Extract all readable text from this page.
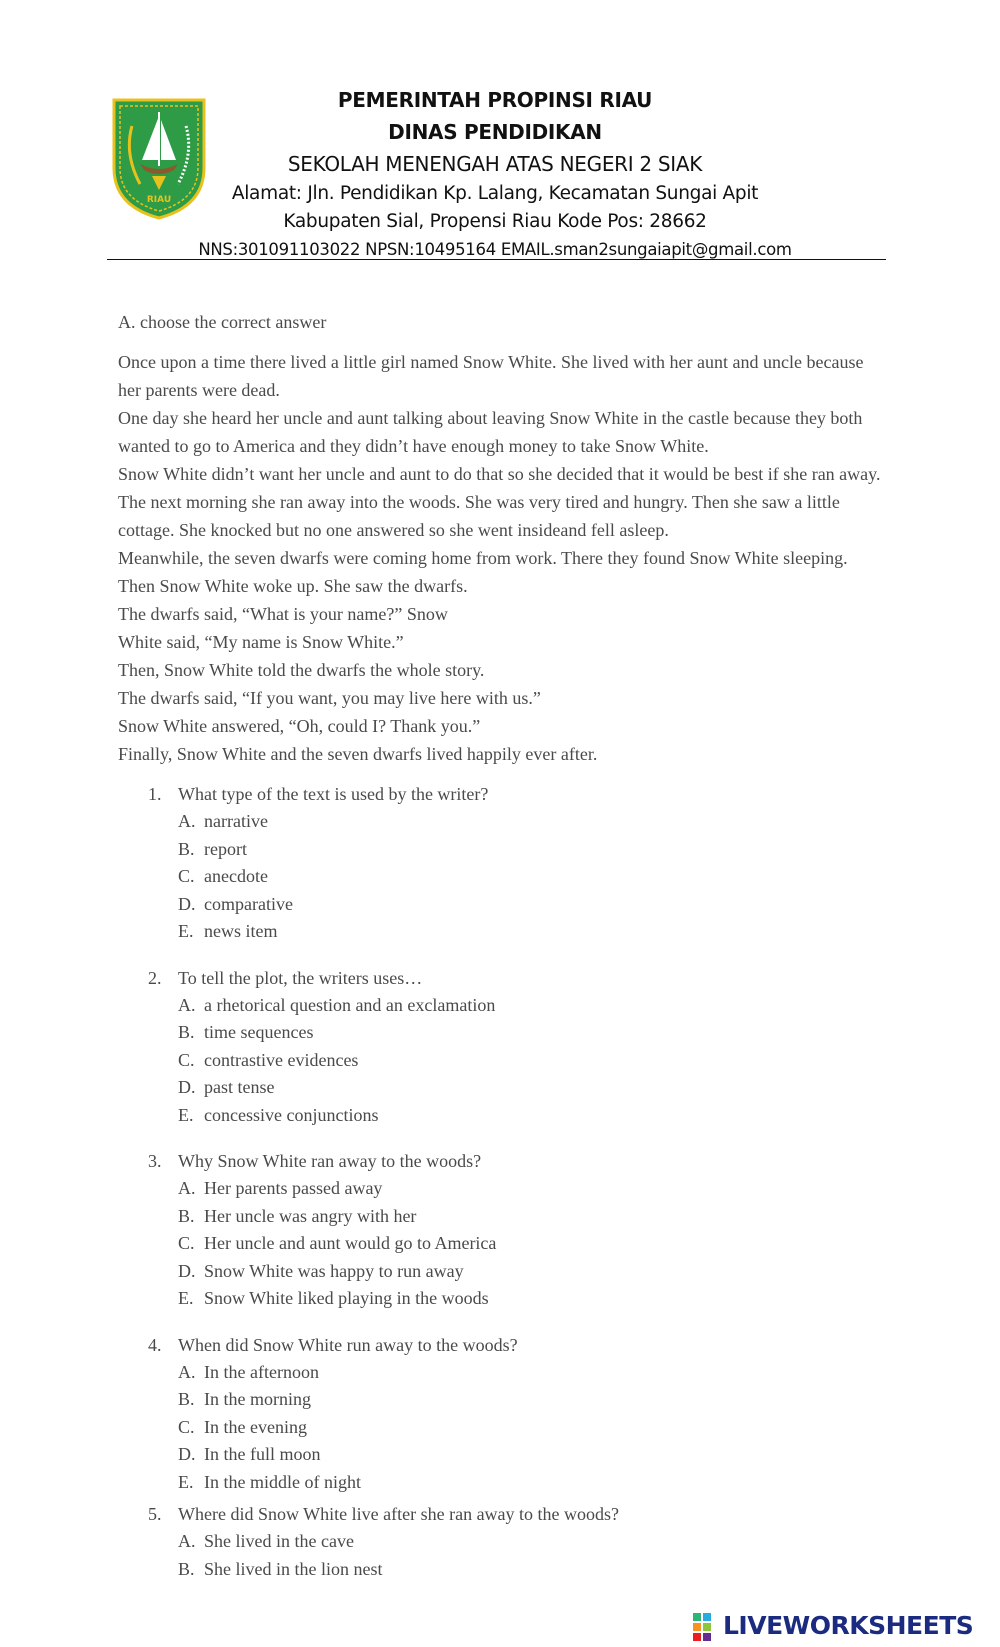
RIAU
PEMERINTAH PROPINSI RIAU
DINAS PENDIDIKAN
SEKOLAH MENENGAH ATAS NEGERI 2 SIAK
Alamat: Jln. Pendidikan Kp. Lalang, Kecamatan Sungai Apit
Kabupaten Sial, Propensi Riau Kode Pos: 28662
NNS:301091103022 NPSN:10495164 EMAIL.sman2sungaiapit@gmail.com
A. choose the correct answer

Once upon a time there lived a little girl named Snow White. She lived with her aunt and uncle because her parents were dead.

One day she heard her uncle and aunt talking about leaving Snow White in the castle because they both wanted to go to America and they didn’t have enough money to take Snow White.

Snow White didn’t want her uncle and aunt to do that so she decided that it would be best if she ran away. The next morning she ran away into the woods. She was very tired and hungry. Then she saw a little cottage. She knocked but no one answered so she went insideand fell asleep.

Meanwhile, the seven dwarfs were coming home from work. There they found Snow White sleeping. Then Snow White woke up. She saw the dwarfs.

The dwarfs said, “What is your name?” Snow

White said, “My name is Snow White.”

Then, Snow White told the dwarfs the whole story.

The dwarfs said, “If you want, you may live here with us.”

Snow White answered, “Oh, could I? Thank you.”

Finally, Snow White and the seven dwarfs lived happily ever after.

1. What type of the text is used by the writer?
A. narrative
B. report
C. anecdote
D. comparative
E. news item
2. To tell the plot, the writers uses…
A. a rhetorical question and an exclamation
B. time sequences
C. contrastive evidences
D. past tense
E. concessive conjunctions
3. Why Snow White ran away to the woods?
A. Her parents passed away
B. Her uncle was angry with her
C. Her uncle and aunt would go to America
D. Snow White was happy to run away
E. Snow White liked playing in the woods
4. When did Snow White run away to the woods?
A. In the afternoon
B. In the morning
C. In the evening
D. In the full moon
E. In the middle of night
5. Where did Snow White live after she ran away to the woods?
A. She lived in the cave
B. She lived in the lion nest
LIVEWORKSHEETS
